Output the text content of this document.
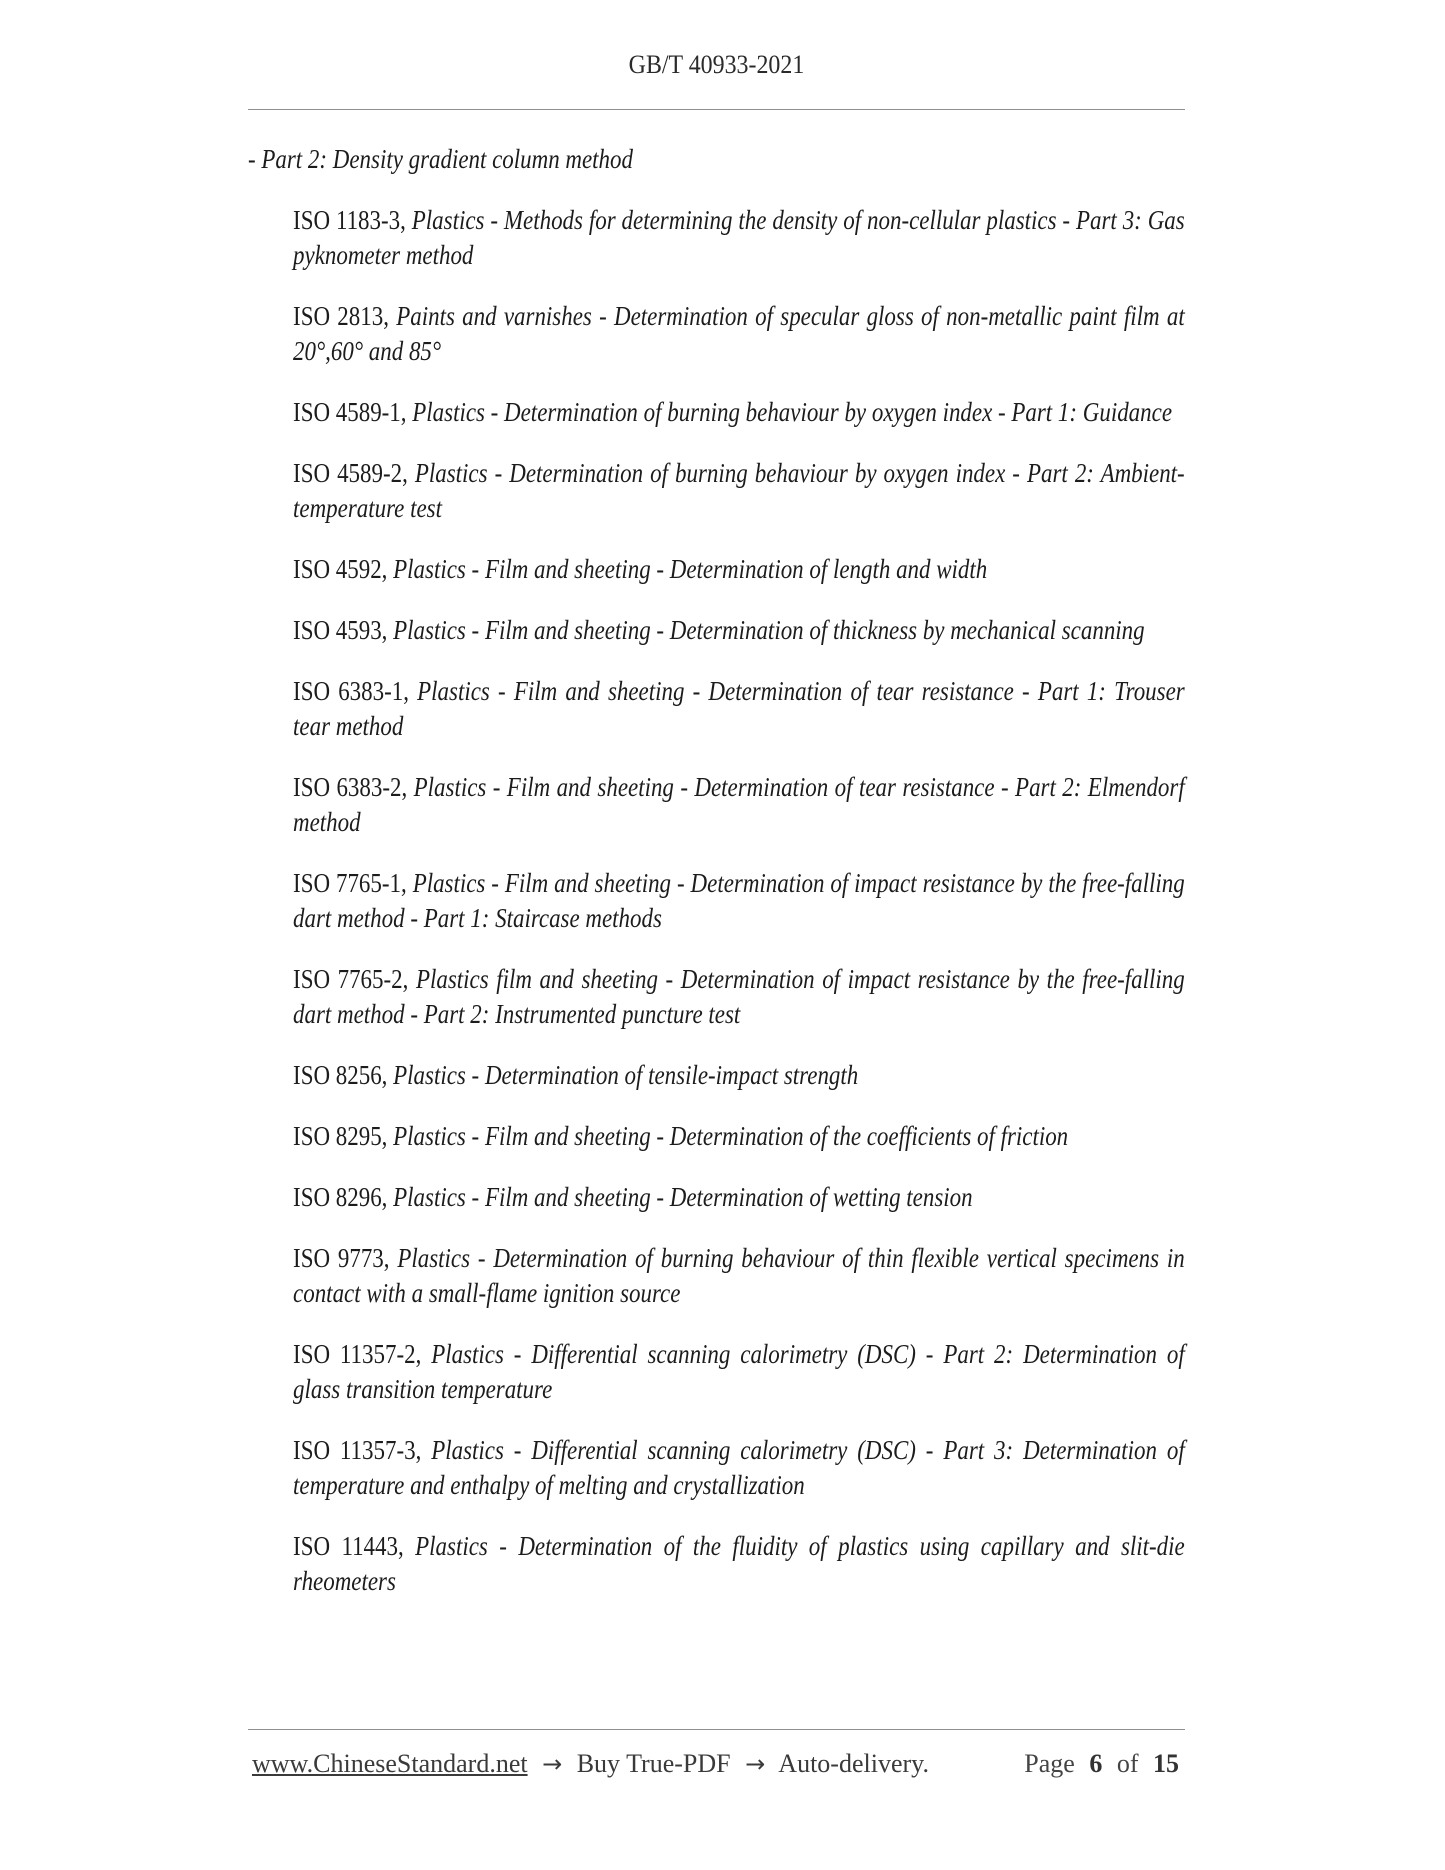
GB/T 40933-2021

- Part 2: Density gradient column method

ISO 1183-3, Plastics - Methods for determining the density of non-cellular plastics - Part 3: Gas pyknometer method

ISO 2813, Paints and varnishes - Determination of specular gloss of non-metallic paint film at 20°,60° and 85°

ISO 4589-1, Plastics - Determination of burning behaviour by oxygen index - Part 1: Guidance

ISO 4589-2, Plastics - Determination of burning behaviour by oxygen index - Part 2: Ambient-temperature test

ISO 4592, Plastics - Film and sheeting - Determination of length and width

ISO 4593, Plastics - Film and sheeting - Determination of thickness by mechanical scanning

ISO 6383-1, Plastics - Film and sheeting - Determination of tear resistance - Part 1: Trouser tear method

ISO 6383-2, Plastics - Film and sheeting - Determination of tear resistance - Part 2: Elmendorf method

ISO 7765-1, Plastics - Film and sheeting - Determination of impact resistance by the free-falling dart method - Part 1: Staircase methods

ISO 7765-2, Plastics film and sheeting - Determination of impact resistance by the free-falling dart method - Part 2: Instrumented puncture test

ISO 8256, Plastics - Determination of tensile-impact strength

ISO 8295, Plastics - Film and sheeting - Determination of the coefficients of friction

ISO 8296, Plastics - Film and sheeting - Determination of wetting tension

ISO 9773, Plastics - Determination of burning behaviour of thin flexible vertical specimens in contact with a small-flame ignition source

ISO 11357-2, Plastics - Differential scanning calorimetry (DSC) - Part 2: Determination of glass transition temperature

ISO 11357-3, Plastics - Differential scanning calorimetry (DSC) - Part 3: Determination of temperature and enthalpy of melting and crystallization

ISO 11443, Plastics - Determination of the fluidity of plastics using capillary and slit-die rheometers

www.ChineseStandard.net → Buy True-PDF → Auto-delivery.	Page 6 of 15
